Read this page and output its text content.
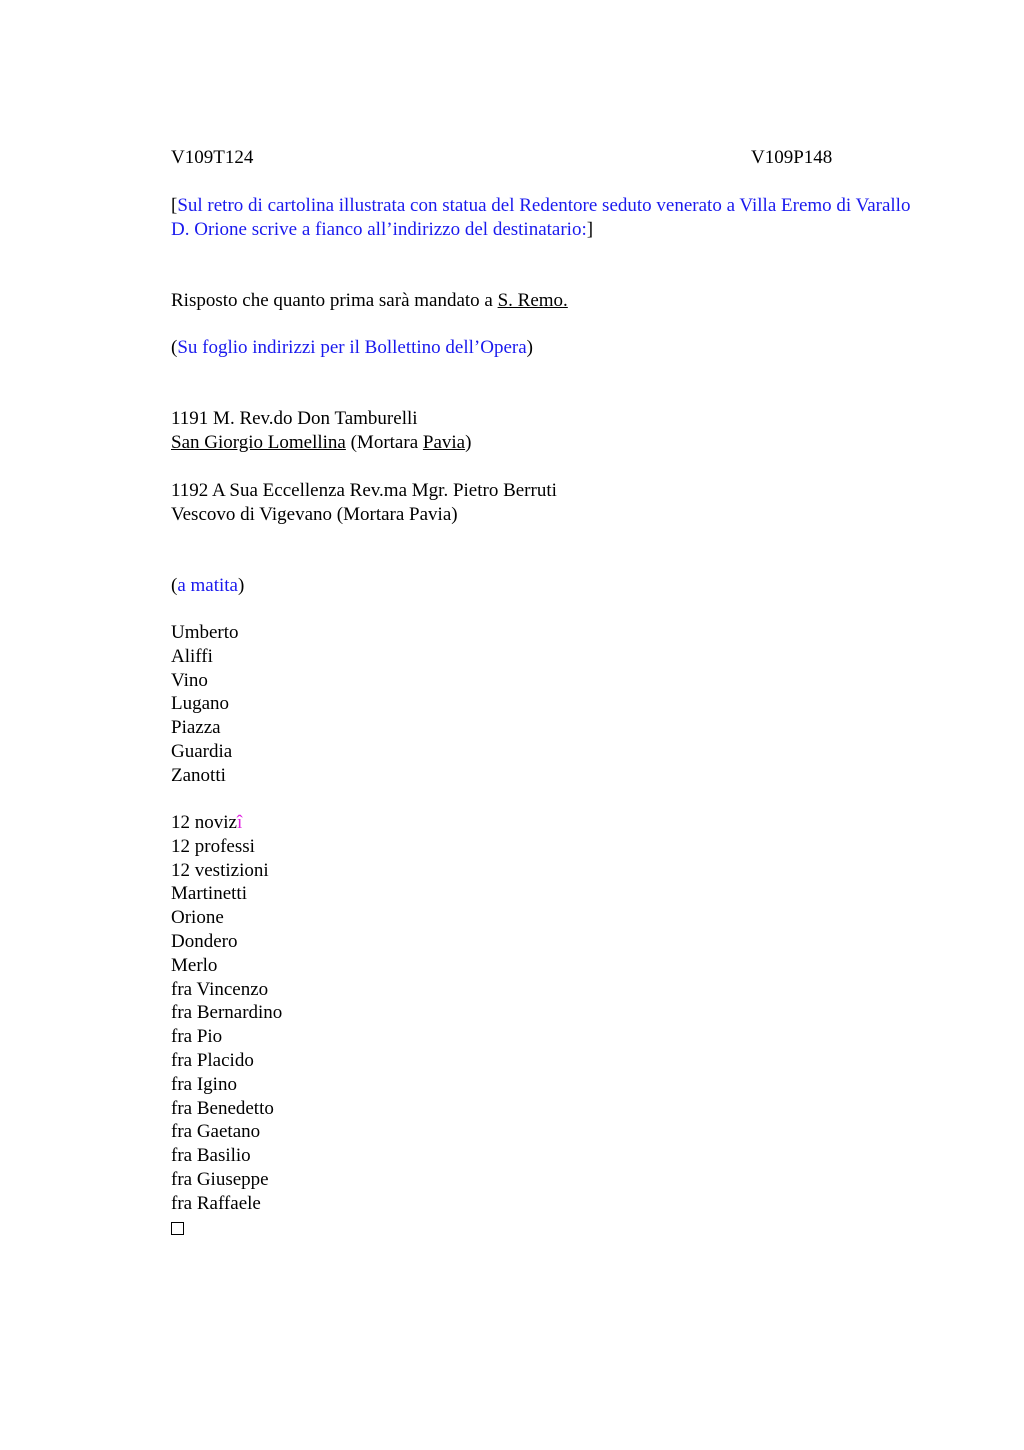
V109T124	V109P148

[Sul retro di cartolina illustrata con statua del Redentore seduto venerato a Villa Eremo di Varallo D. Orione scrive a fianco all’indirizzo del destinatario:]

Risposto che quanto prima sarà mandato a S. Remo.

(Su foglio indirizzi per il Bollettino dell’Opera)

1191 M. Rev.do Don Tamburelli
San Giorgio Lomellina (Mortara Pavia)
1192 A Sua Eccellenza Rev.ma Mgr. Pietro Berruti
Vescovo di Vigevano (Mortara Pavia)

(a matita)

Umberto
Aliffi
Vino
Lugano
Piazza
Guardia
Zanotti
12 novizî
12 professi
12 vestizioni
Martinetti
Orione
Dondero
Merlo
fra Vincenzo
fra Bernardino
fra Pio
fra Placido
fra Igino
fra Benedetto
fra Gaetano
fra Basilio
fra Giuseppe
fra Raffaele
